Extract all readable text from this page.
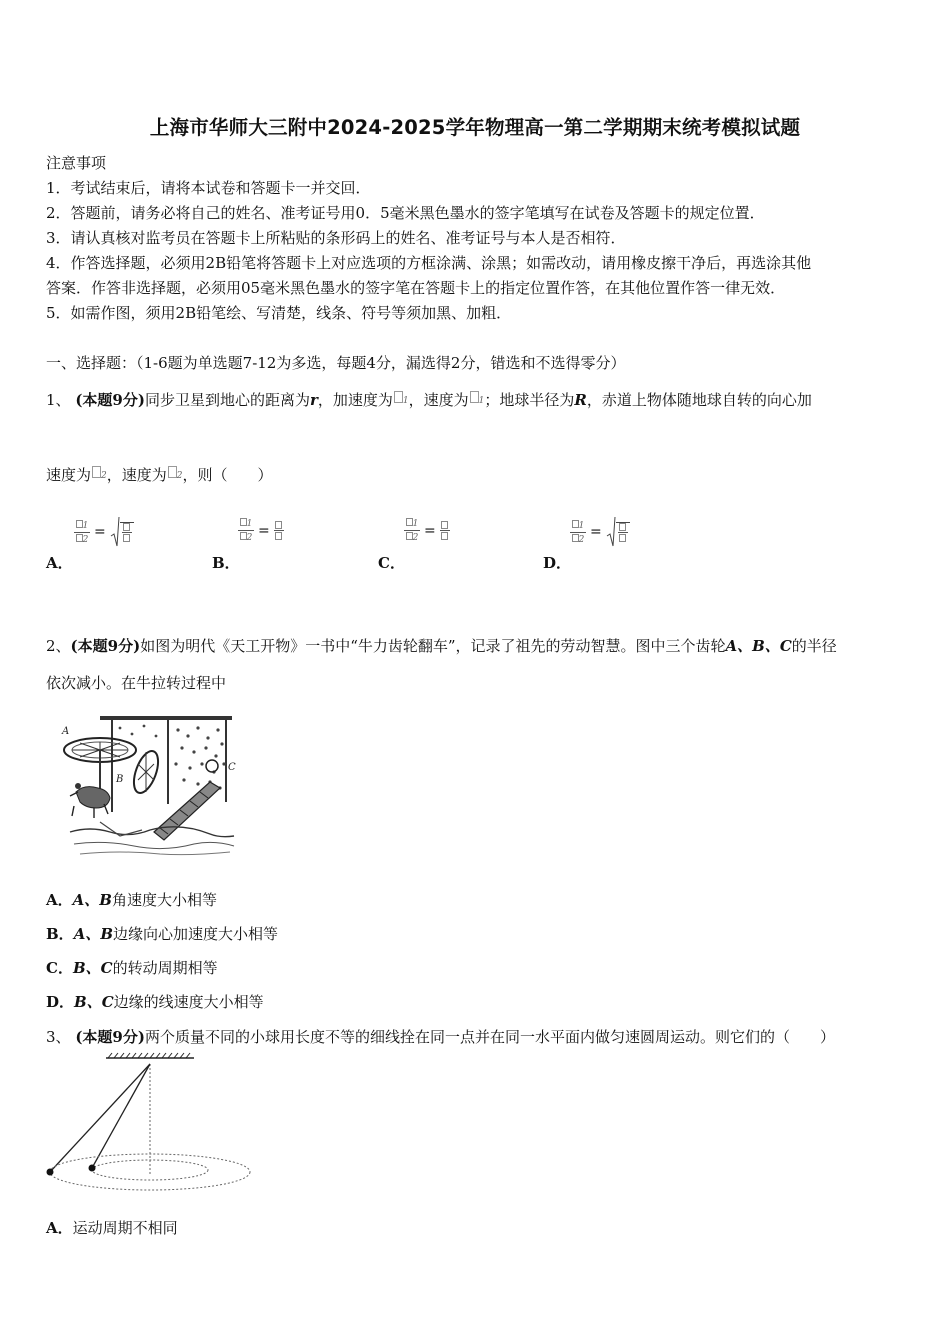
上海市华师大三附中2024-2025学年物理高一第二学期期末统考模拟试题
注意事项
1．考试结束后，请将本试卷和答题卡一并交回．
2．答题前，请务必将自己的姓名、准考证号用0．5毫米黑色墨水的签字笔填写在试卷及答题卡的规定位置．
3．请认真核对监考员在答题卡上所粘贴的条形码上的姓名、准考证号与本人是否相符．
4．作答选择题，必须用2B铅笔将答题卡上对应选项的方框涂满、涂黑；如需改动，请用橡皮擦干净后，再选涂其他
答案．作答非选择题，必须用05毫米黑色墨水的签字笔在答题卡上的指定位置作答，在其他位置作答一律无效．
5．如需作图，须用2B铅笔绘、写清楚，线条、符号等须加黑、加粗．
一、选择题：（1-6题为单选题7-12为多选，每题4分，漏选得2分，错选和不选得零分）
1、 (本题9分)同步卫星到地心的距离为r，加速度为 $^1$，速度为 $^1$；地球半径为R，赤道上物体随地球自转的向心加
速度为 $^2$，速度为 $^2$，则（　　）
A．
$\frac{1}{2}$ =
B．
$\frac{1}{2}$ =
C．
$\frac{1}{2}$ =
D．
$\frac{1}{2}$ =
2、(本题9分)如图为明代《天工开物》一书中“牛力齿轮翻车”，记录了祖先的劳动智慧。图中三个齿轮A、B、C的半径
依次减小。在牛拉转过程中
A
B
C
A．A、B角速度大小相等
B．A、B边缘向心加速度大小相等
C．B、C的转动周期相等
D．B、C边缘的线速度大小相等
3、 (本题9分)两个质量不同的小球用长度不等的细线拴在同一点并在同一水平面内做匀速圆周运动。则它们的（　　）
A．运动周期不相同
